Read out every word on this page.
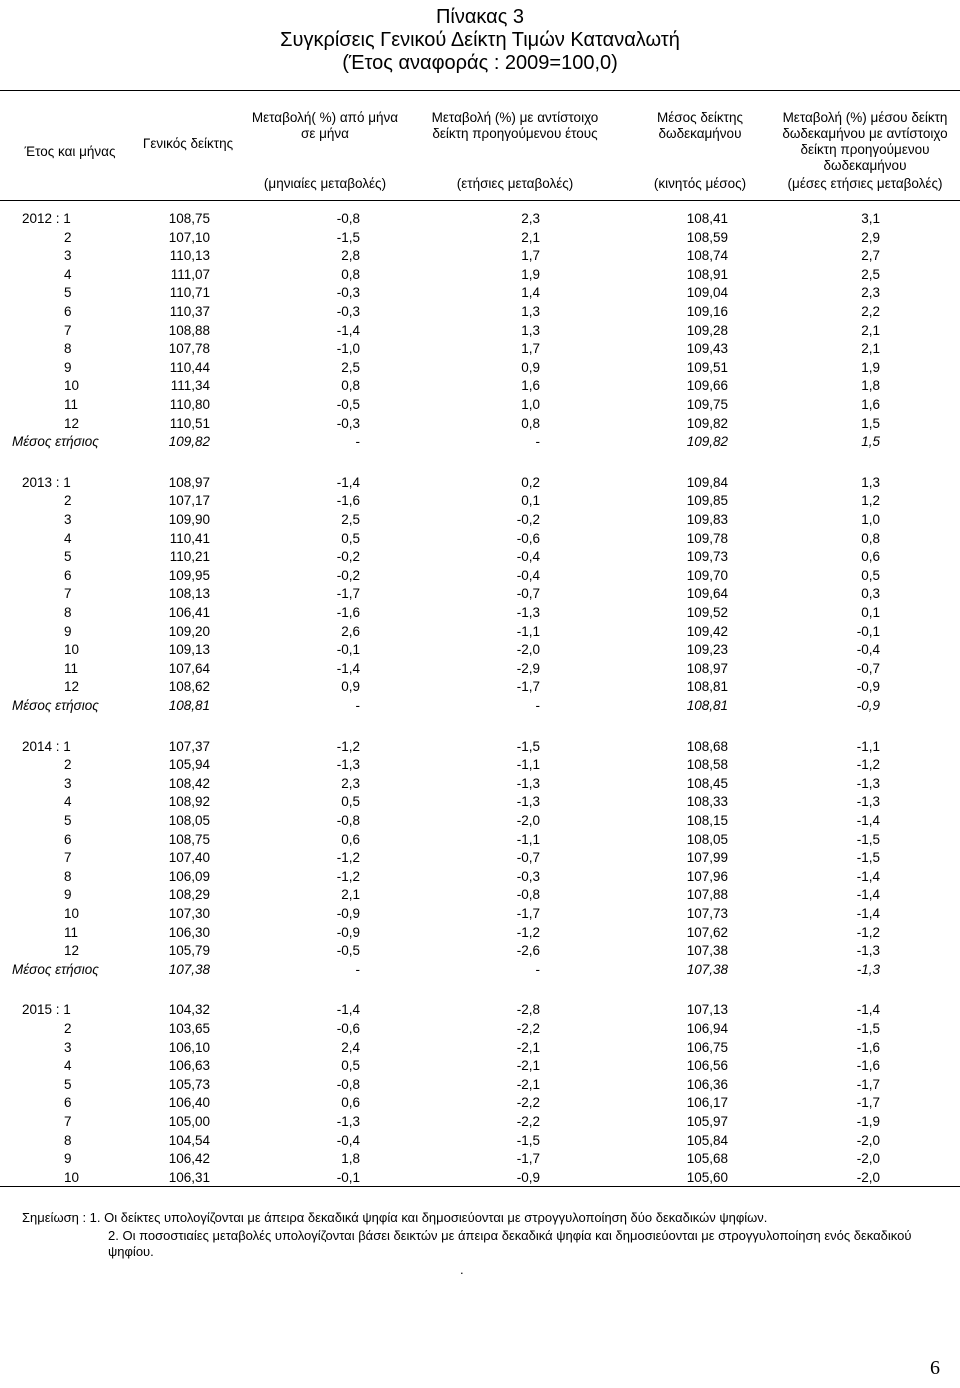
Πίνακας 3
Συγκρίσεις Γενικού Δείκτη Τιμών Καταναλωτή
(Έτος αναφοράς : 2009=100,0)
Έτος και μήνας
Γενικός δείκτης
Μεταβολή( %) από μήνα
σε μήνα
(μηνιαίες μεταβολές)
Μεταβολή (%) με αντίστοιχο
δείκτη προηγούμενου έτους
(ετήσιες μεταβολές)
Μέσος δείκτης
δωδεκαμήνου
(κινητός μέσος)
Μεταβολή (%) μέσου δείκτη
δωδεκαμήνου με αντίστοιχο
δείκτη προηγούμενου
δωδεκαμήνου
(μέσες ετήσιες μεταβολές)
2012 : 1	108,75	-0,8	2,3	108,41	3,1
2	107,10	-1,5	2,1	108,59	2,9
3	110,13	2,8	1,7	108,74	2,7
4	111,07	0,8	1,9	108,91	2,5
5	110,71	-0,3	1,4	109,04	2,3
6	110,37	-0,3	1,3	109,16	2,2
7	108,88	-1,4	1,3	109,28	2,1
8	107,78	-1,0	1,7	109,43	2,1
9	110,44	2,5	0,9	109,51	1,9
10	111,34	0,8	1,6	109,66	1,8
11	110,80	-0,5	1,0	109,75	1,6
12	110,51	-0,3	0,8	109,82	1,5
Μέσος ετήσιος	109,82	-	-	109,82	1,5
2013 : 1	108,97	-1,4	0,2	109,84	1,3
2	107,17	-1,6	0,1	109,85	1,2
3	109,90	2,5	-0,2	109,83	1,0
4	110,41	0,5	-0,6	109,78	0,8
5	110,21	-0,2	-0,4	109,73	0,6
6	109,95	-0,2	-0,4	109,70	0,5
7	108,13	-1,7	-0,7	109,64	0,3
8	106,41	-1,6	-1,3	109,52	0,1
9	109,20	2,6	-1,1	109,42	-0,1
10	109,13	-0,1	-2,0	109,23	-0,4
11	107,64	-1,4	-2,9	108,97	-0,7
12	108,62	0,9	-1,7	108,81	-0,9
Μέσος ετήσιος	108,81	-	-	108,81	-0,9
2014 : 1	107,37	-1,2	-1,5	108,68	-1,1
2	105,94	-1,3	-1,1	108,58	-1,2
3	108,42	2,3	-1,3	108,45	-1,3
4	108,92	0,5	-1,3	108,33	-1,3
5	108,05	-0,8	-2,0	108,15	-1,4
6	108,75	0,6	-1,1	108,05	-1,5
7	107,40	-1,2	-0,7	107,99	-1,5
8	106,09	-1,2	-0,3	107,96	-1,4
9	108,29	2,1	-0,8	107,88	-1,4
10	107,30	-0,9	-1,7	107,73	-1,4
11	106,30	-0,9	-1,2	107,62	-1,2
12	105,79	-0,5	-2,6	107,38	-1,3
Μέσος ετήσιος	107,38	-	-	107,38	-1,3
2015 : 1	104,32	-1,4	-2,8	107,13	-1,4
2	103,65	-0,6	-2,2	106,94	-1,5
3	106,10	2,4	-2,1	106,75	-1,6
4	106,63	0,5	-2,1	106,56	-1,6
5	105,73	-0,8	-2,1	106,36	-1,7
6	106,40	0,6	-2,2	106,17	-1,7
7	105,00	-1,3	-2,2	105,97	-1,9
8	104,54	-0,4	-1,5	105,84	-2,0
9	106,42	1,8	-1,7	105,68	-2,0
10	106,31	-0,1	-0,9	105,60	-2,0
Σημείωση : 1. Οι δείκτες υπολογίζονται με άπειρα δεκαδικά ψηφία και δημοσιεύονται με στρογγυλοποίηση δύο δεκαδικών ψηφίων.
2. Οι ποσοστιαίες μεταβολές υπολογίζονται βάσει δεικτών με άπειρα δεκαδικά ψηφία και δημοσιεύονται με στρογγυλοποίηση ενός δεκαδικού ψηφίου.
.
6
